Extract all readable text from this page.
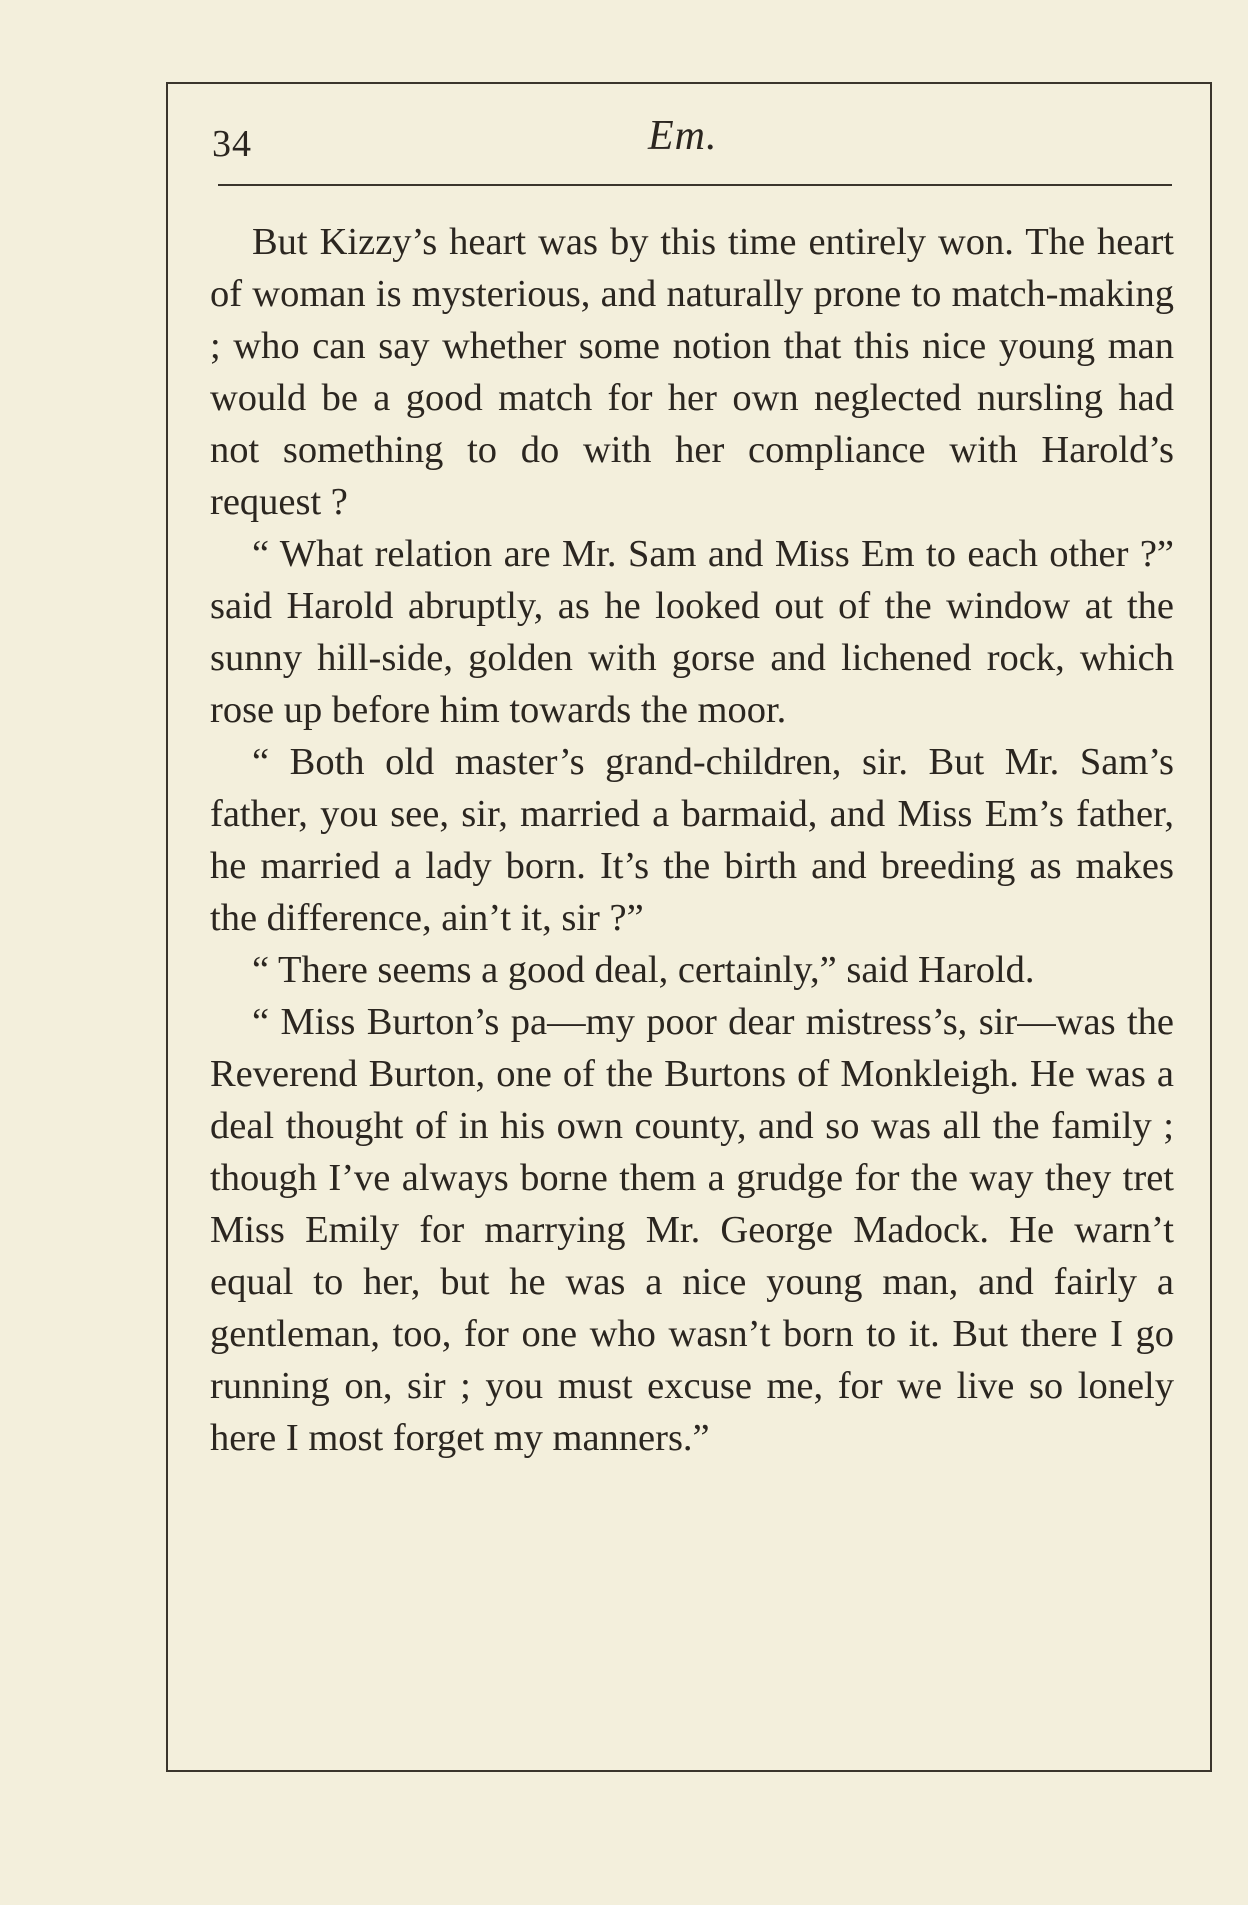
34	Em.

But Kizzy’s heart was by this time entirely won. The heart of woman is mysterious, and naturally prone to match-making ; who can say whether some notion that this nice young man would be a good match for her own neglected nursling had not something to do with her compliance with Harold’s request ?

“ What relation are Mr. Sam and Miss Em to each other ?” said Harold abruptly, as he looked out of the window at the sunny hill-side, golden with gorse and lichened rock, which rose up before him towards the moor.

“ Both old master’s grand-children, sir. But Mr. Sam’s father, you see, sir, married a barmaid, and Miss Em’s father, he married a lady born. It’s the birth and breeding as makes the difference, ain’t it, sir ?”

“ There seems a good deal, certainly,” said Harold.

“ Miss Burton’s pa—my poor dear mistress’s, sir—was the Reverend Burton, one of the Burtons of Monkleigh. He was a deal thought of in his own county, and so was all the family ; though I’ve always borne them a grudge for the way they tret Miss Emily for marrying Mr. George Madock. He warn’t equal to her, but he was a nice young man, and fairly a gentleman, too, for one who wasn’t born to it. But there I go running on, sir ; you must excuse me, for we live so lonely here I most forget my manners.”
